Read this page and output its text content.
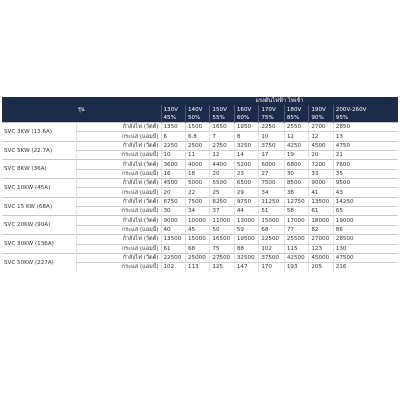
รุ่น		แรงดันไฟฟ้า ไฟเข้า							
		130V	140V	150V	160V	170V	180V	190V	200V-260V
		45%	50%	55%	60%	75%	85%	90%	95%
SVC 3KW (13.6A)	กำลังไฟ (วัตต์)	1350	1500	1650	1950	2250	2550	2700	2850
	กระแส (แอมป์)	6	6.8	7	8	10	11	12	13
SVC 5KW (22.7A)	กำลังไฟ (วัตต์)	2250	2500	2750	3250	3750	4250	4500	4750
	กระแส (แอมป์)	10	11	12	14	17	19	20	21
SVC 8KW (36A)	กำลังไฟ (วัตต์)	3600	4000	4400	5200	6000	6800	7200	7600
	กระแส (แอมป์)	16	18	20	23	27	30	33	35
SVC 10KW (45A)	กำลังไฟ (วัตต์)	4500	5000	5500	6500	7500	8500	9000	9500
	กระแส (แอมป์)	20	22	25	29	34	38	41	43
SVC 15 KW (68A)	กำลังไฟ (วัตต์)	6750	7500	8250	9750	11250	12750	13500	14250
	กระแส (แอมป์)	30	34	37	44	51	58	61	65
SVC 20KW (90A)	กำลังไฟ (วัตต์)	9000	10000	11000	13000	15000	17000	18000	19000
	กระแส (แอมป์)	40	45	50	59	68	77	82	86
SVC 30KW (136A)	กำลังไฟ (วัตต์)	13500	15000	16500	19500	22500	25500	27000	28500
	กระแส (แอมป์)	61	68	75	88	102	115	123	130
SVC 50KW (227A)	กำลังไฟ (วัตต์)	22500	25000	27500	32500	37500	42500	45000	47500
	กระแส (แอมป์)	102	113	125	147	170	193	205	216
